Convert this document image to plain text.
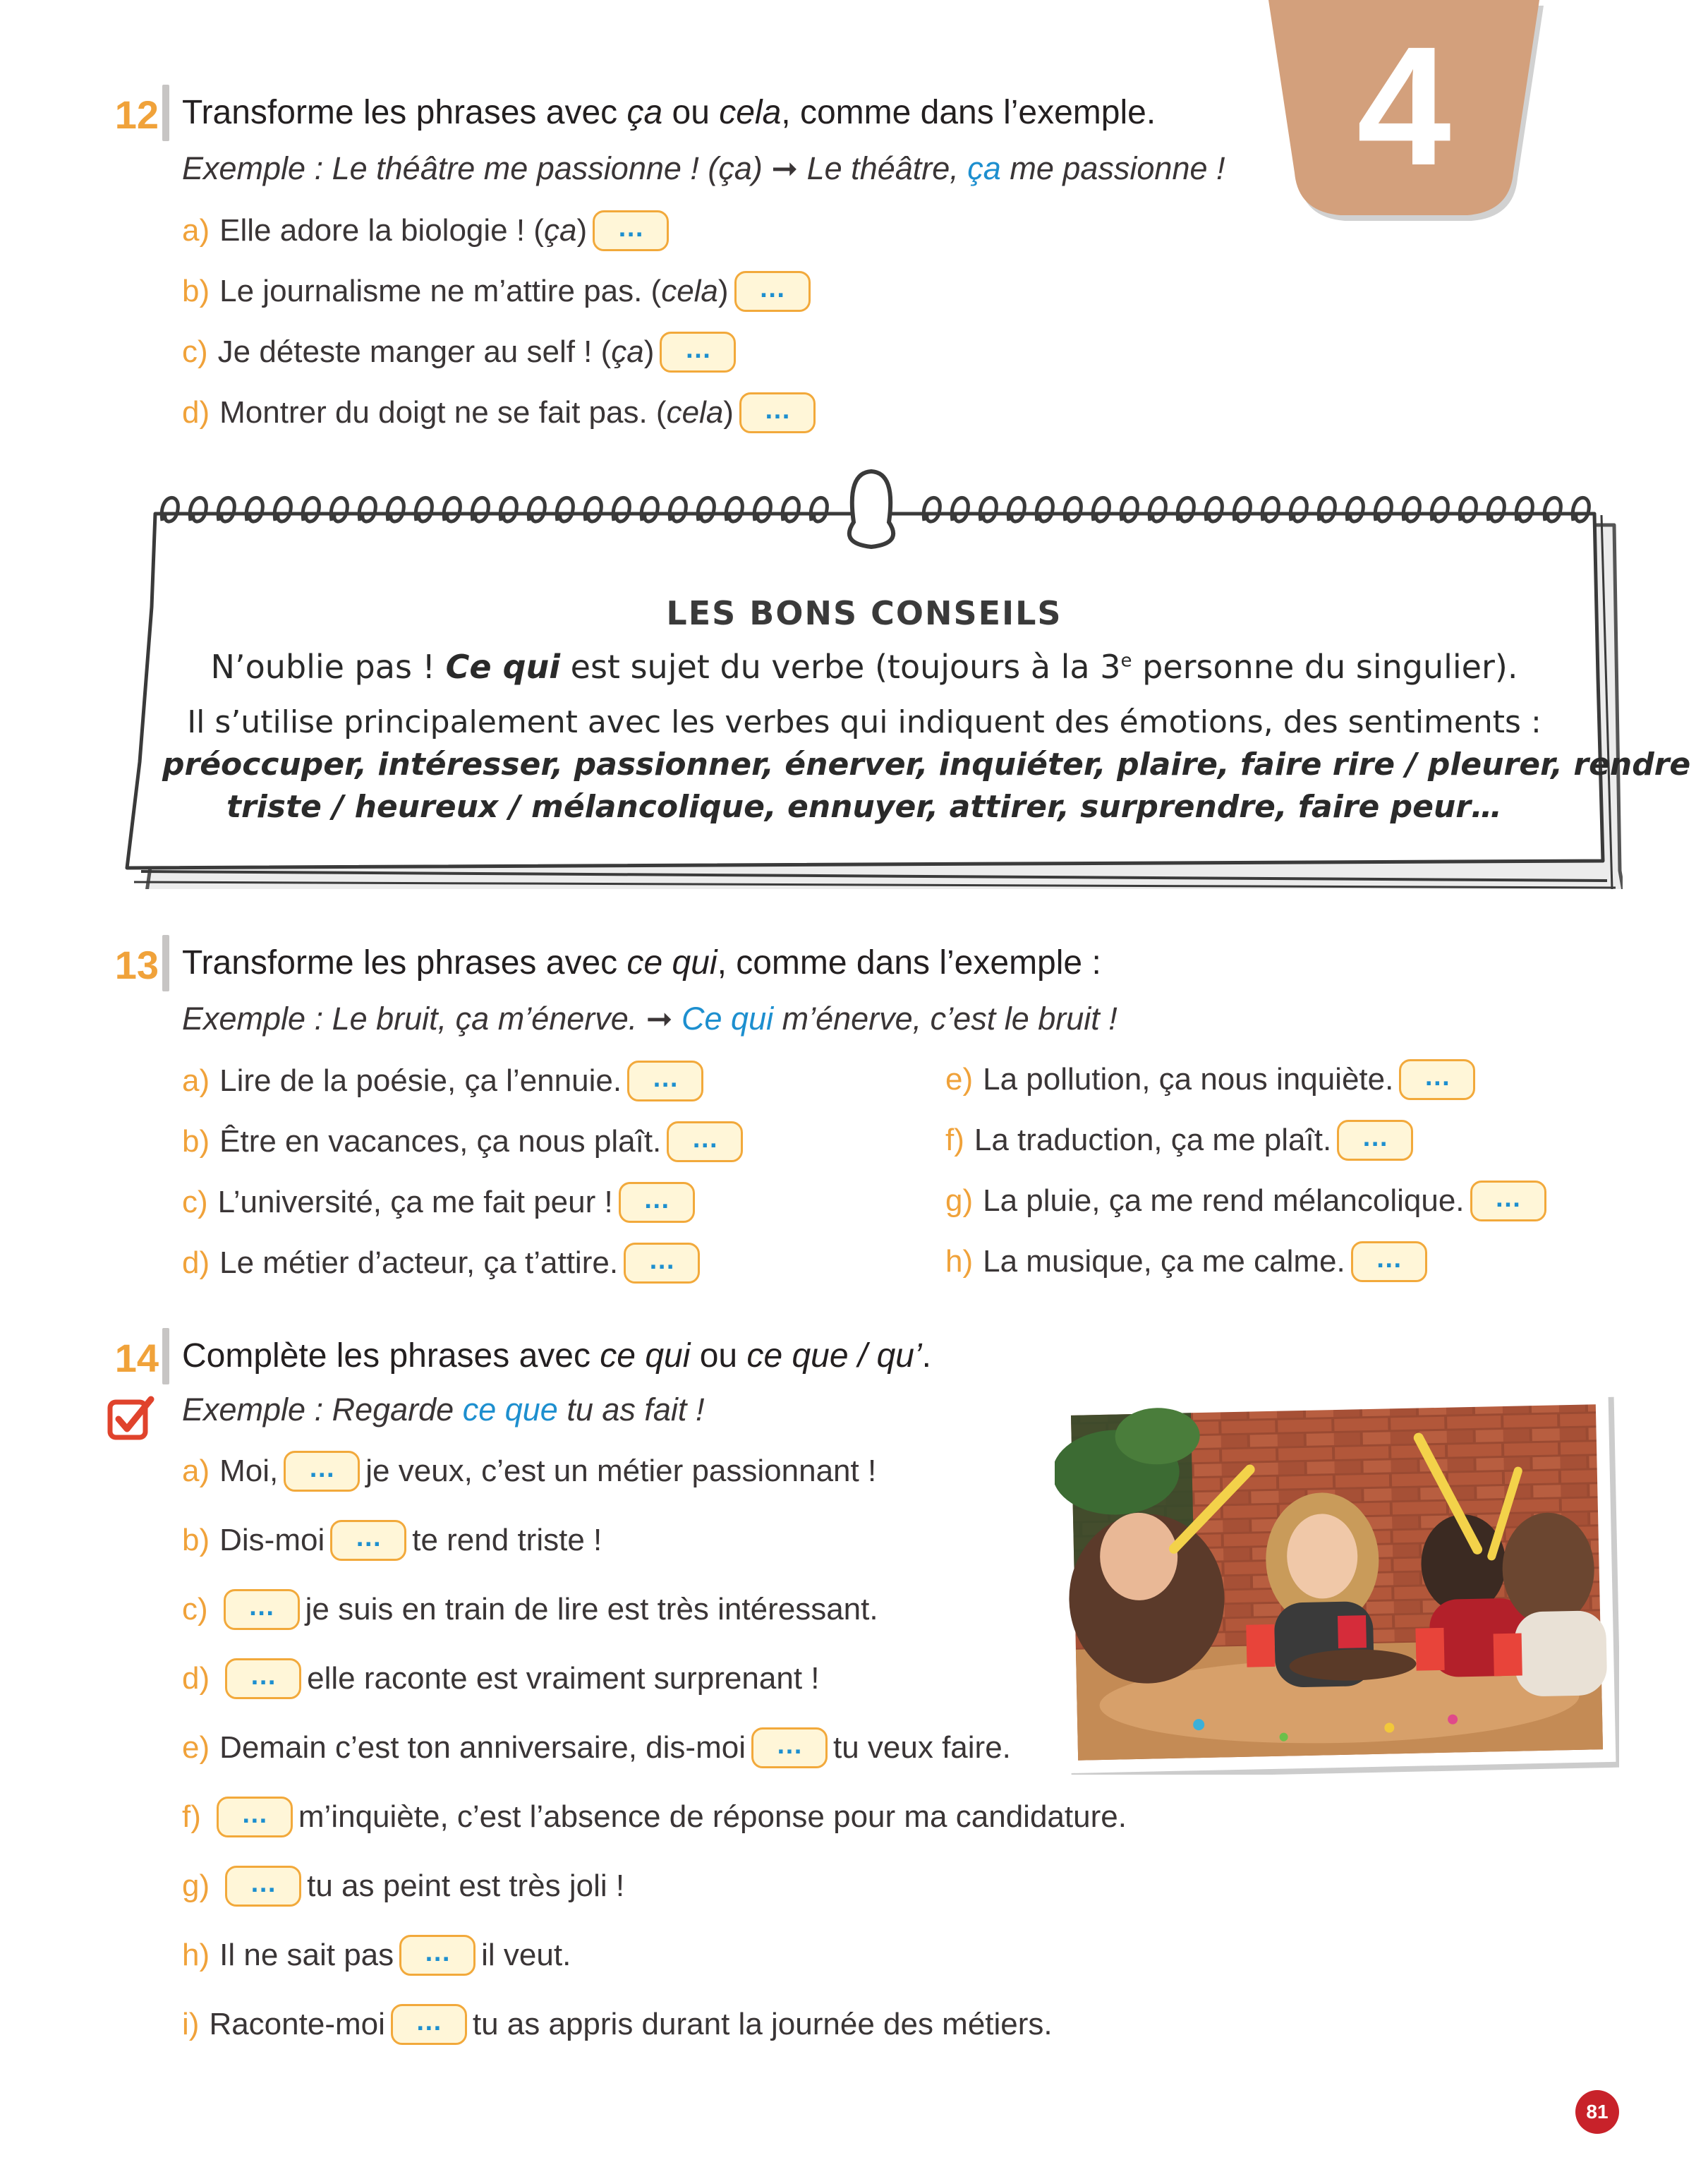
4
12 Transforme les phrases avec ça ou cela, comme dans l’exemple.
Exemple : Le théâtre me passionne ! (ça) ➞ Le théâtre, ça me passionne !
a) Elle adore la biologie ! ( ça )	…
b) Le journalisme ne m’attire pas. ( cela )	…
c) Je déteste manger au self ! ( ça )	…
d) Montrer du doigt ne se fait pas. ( cela )	…
LES BONS CONSEILS
N’oublie pas ! Ce qui est sujet du verbe (toujours à la 3e personne du singulier).
Il s’utilise principalement avec les verbes qui indiquent des émotions, des sentiments :
préoccuper, intéresser, passionner, énerver, inquiéter, plaire, faire rire / pleurer, rendre
triste / heureux / mélancolique, ennuyer, attirer, surprendre, faire peur…
13 Transforme les phrases avec ce qui, comme dans l’exemple :
Exemple : Le bruit, ça m’énerve. ➞ Ce qui m’énerve, c’est le bruit !
a) Lire de la poésie, ça l’ennuie.	…
b) Être en vacances, ça nous plaît.	…
c) L’université, ça me fait peur !	…
d) Le métier d’acteur, ça t’attire.	…
e) La pollution, ça nous inquiète.	…
f) La traduction, ça me plaît.	…
g) La pluie, ça me rend mélancolique.	…
h) La musique, ça me calme.	…
14 Complète les phrases avec ce qui ou ce que / qu’.
Exemple : Regarde ce que tu as fait !
a) Moi,	… je veux, c’est un métier passionnant !
b) Dis-moi	… te rend triste !
c)	… je suis en train de lire est très intéressant.
d)	… elle raconte est vraiment surprenant !
e) Demain c’est ton anniversaire, dis-moi	… tu veux faire.
f)	… m’inquiète, c’est l’absence de réponse pour ma candidature.
g)	… tu as peint est très joli !
h) Il ne sait pas	… il veut.
i) Raconte-moi	… tu as appris durant la journée des métiers.
81
